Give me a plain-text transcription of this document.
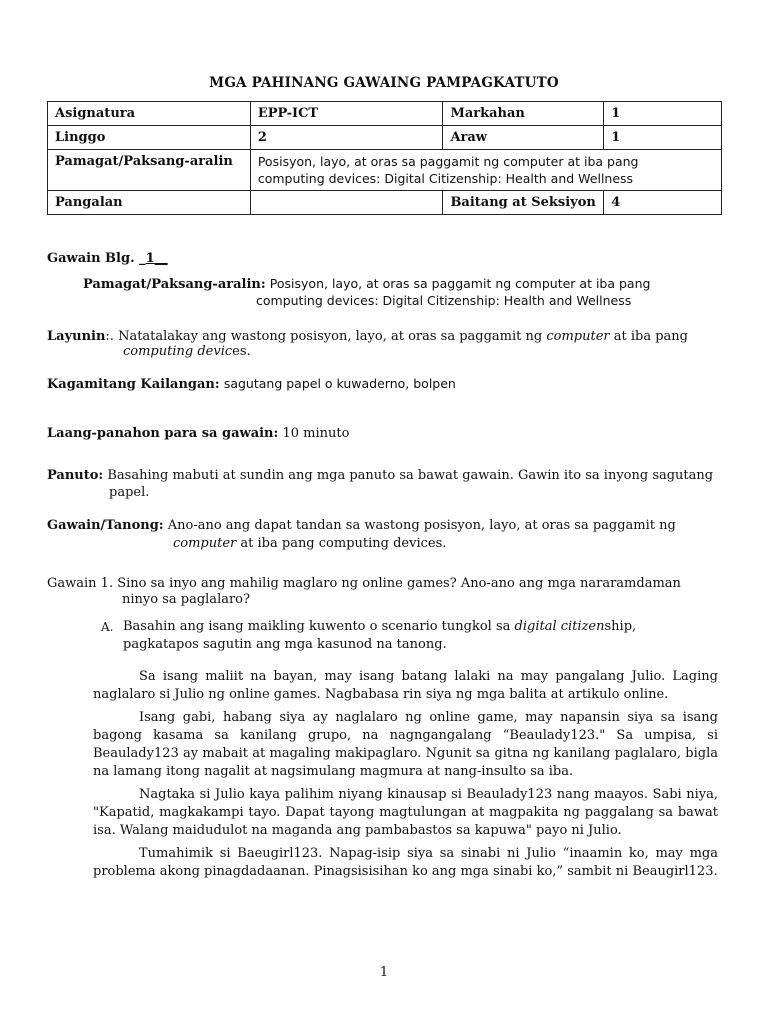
MGA PAHINANG GAWAING PAMPAGKATUTO
Asignatura	EPP-ICT	Markahan	1
Linggo	2	Araw	1
Pamagat/Paksang-aralin	Posisyon, layo, at oras sa paggamit ng computer at iba pang computing devices: Digital Citizenship: Health and Wellness		
Pangalan		Baitang at Seksiyon	4
Gawain Blg. _1__
Pamagat/Paksang-aralin: Posisyon, layo, at oras sa paggamit ng computer at iba pang
computing devices: Digital Citizenship: Health and Wellness
Layunin:. Natatalakay ang wastong posisyon, layo, at oras sa paggamit ng computer at iba pang
computing devices.
Kagamitang Kailangan: sagutang papel o kuwaderno, bolpen
Laang-panahon para sa gawain: 10 minuto
Panuto: Basahing mabuti at sundin ang mga panuto sa bawat gawain. Gawin ito sa inyong sagutang
papel.
Gawain/Tanong: Ano-ano ang dapat tandan sa wastong posisyon, layo, at oras sa paggamit ng
computer at iba pang computing devices.
Gawain 1. Sino sa inyo ang mahilig maglaro ng online games? Ano-ano ang mga nararamdaman
ninyo sa paglalaro?
A. Basahin ang isang maikling kuwento o scenario tungkol sa digital citizenship,
pagkatapos sagutin ang mga kasunod na tanong.

Sa isang maliit na bayan, may isang batang lalaki na may pangalang Julio. Laging naglalaro si Julio ng online games. Nagbabasa rin siya ng mga balita at artikulo online.

Isang gabi, habang siya ay naglalaro ng online game, may napansin siya sa isang bagong kasama sa kanilang grupo, na nagngangalang “Beaulady123." Sa umpisa, si Beaulady123 ay mabait at magaling makipaglaro. Ngunit sa gitna ng kanilang paglalaro, bigla na lamang itong nagalit at nagsimulang magmura at nang-insulto sa iba.

Nagtaka si Julio kaya palihim niyang kinausap si Beaulady123 nang maayos. Sabi niya, "Kapatid, magkakampi tayo. Dapat tayong magtulungan at magpakita ng paggalang sa bawat isa. Walang maidudulot na maganda ang pambabastos sa kapuwa" payo ni Julio.

Tumahimik si Baeugirl123. Napag-isip siya sa sinabi ni Julio “inaamin ko, may mga problema akong pinagdadaanan. Pinagsisisihan ko ang mga sinabi ko,” sambit ni Beaugirl123.

1
